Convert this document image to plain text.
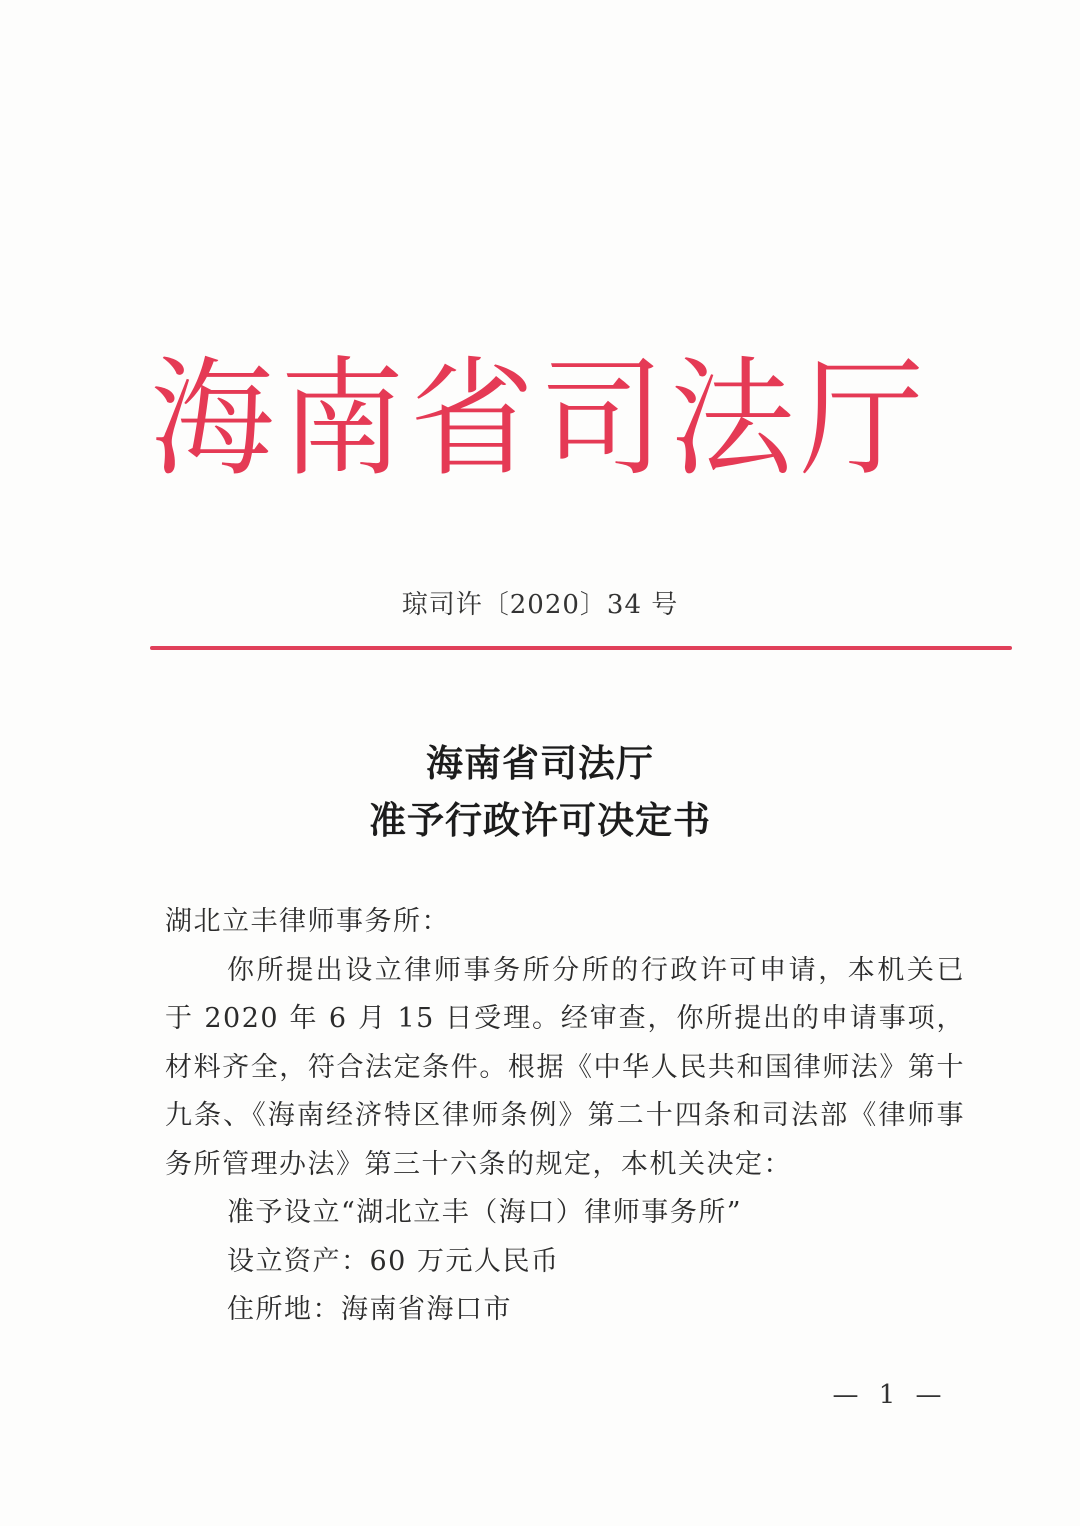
海南省司法厅
琼司许〔2020〕34 号
海南省司法厅
准予行政许可决定书

湖北立丰律师事务所：

你所提出设立律师事务所分所的行政许可申请，本机关已于 2020 年 6 月 15 日受理。经审查，你所提出的申请事项，材料齐全，符合法定条件。根据《中华人民共和国律师法》第十九条、《海南经济特区律师条例》第二十四条和司法部《律师事务所管理办法》第三十六条的规定，本机关决定：

准予设立“湖北立丰（海口）律师事务所”

设立资产：60 万元人民币

住所地：海南省海口市

— 1 —
